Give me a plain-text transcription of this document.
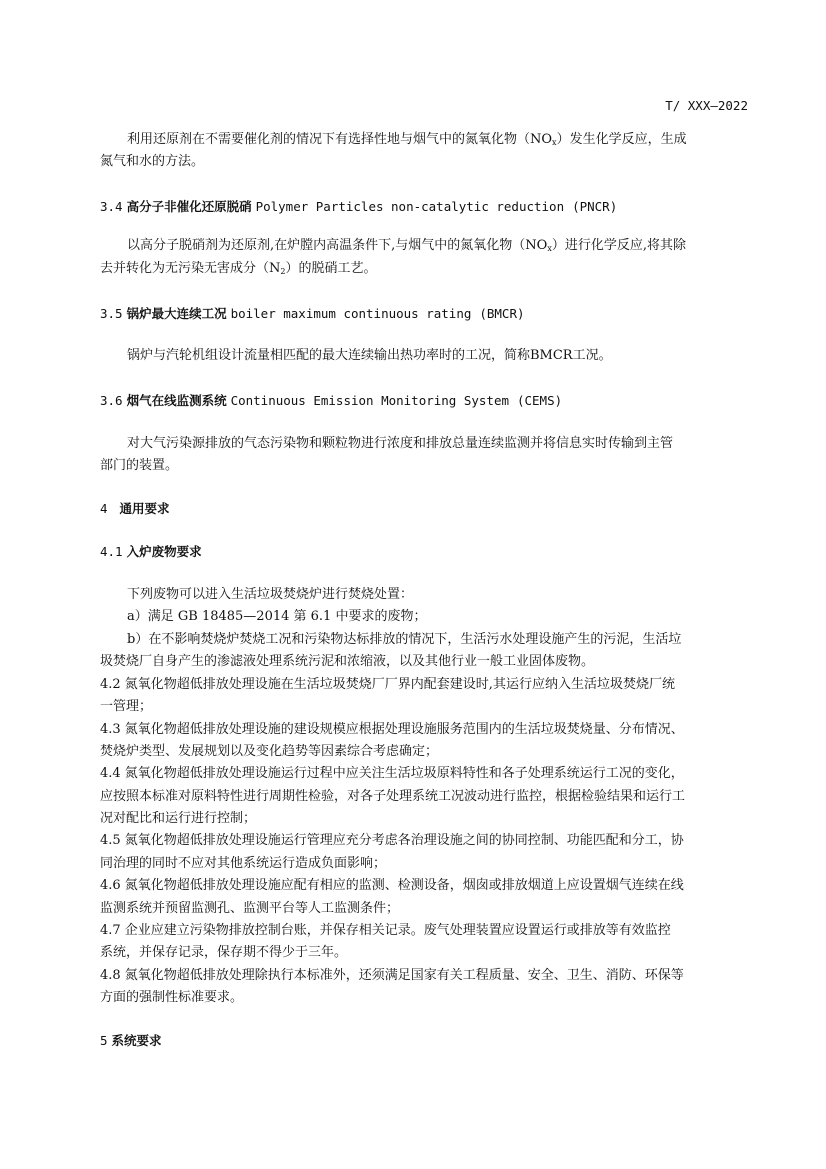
T/ XXX—2022
利用还原剂在不需要催化剂的情况下有选择性地与烟气中的氮氧化物$(NO_x)$发生化学反应，生成
氮气和水的方法。
3.4 高分子非催化还原脱硝 Polymer Particles non-catalytic reduction (PNCR)
以高分子脱硝剂为还原剂,在炉膛内高温条件下,与烟气中的氮氧化物$(NO_x)$进行化学反应,将其除
去并转化为无污染无害成分$(N_2)$的脱硝工艺。
3.5 锅炉最大连续工况 boiler maximum continuous rating (BMCR)
锅炉与汽轮机组设计流量相匹配的最大连续输出热功率时的工况，简称BMCR工况。
3.6 烟气在线监测系统 Continuous Emission Monitoring System (CEMS)
对大气污染源排放的气态污染物和颗粒物进行浓度和排放总量连续监测并将信息实时传输到主管
部门的装置。
4 通用要求
4.1 入炉废物要求
下列废物可以进入生活垃圾焚烧炉进行焚烧处置：
a）满足 GB 18485—2014 第 6.1 中要求的废物；
b）在不影响焚烧炉焚烧工况和污染物达标排放的情况下，生活污水处理设施产生的污泥，生活垃
圾焚烧厂自身产生的渗滤液处理系统污泥和浓缩液，以及其他行业一般工业固体废物。
4.2 氮氧化物超低排放处理设施在生活垃圾焚烧厂厂界内配套建设时,其运行应纳入生活垃圾焚烧厂统
一管理；
4.3 氮氧化物超低排放处理设施的建设规模应根据处理设施服务范围内的生活垃圾焚烧量、分布情况、
焚烧炉类型、发展规划以及变化趋势等因素综合考虑确定；
4.4 氮氧化物超低排放处理设施运行过程中应关注生活垃圾原料特性和各子处理系统运行工况的变化，
应按照本标准对原料特性进行周期性检验，对各子处理系统工况波动进行监控，根据检验结果和运行工
况对配比和运行进行控制；
4.5 氮氧化物超低排放处理设施运行管理应充分考虑各治理设施之间的协同控制、功能匹配和分工，协
同治理的同时不应对其他系统运行造成负面影响；
4.6 氮氧化物超低排放处理设施应配有相应的监测、检测设备，烟囱或排放烟道上应设置烟气连续在线
监测系统并预留监测孔、监测平台等人工监测条件；
4.7 企业应建立污染物排放控制台账，并保存相关记录。废气处理装置应设置运行或排放等有效监控
系统，并保存记录，保存期不得少于三年。
4.8 氮氧化物超低排放处理除执行本标准外，还须满足国家有关工程质量、安全、卫生、消防、环保等
方面的强制性标准要求。
5 系统要求
